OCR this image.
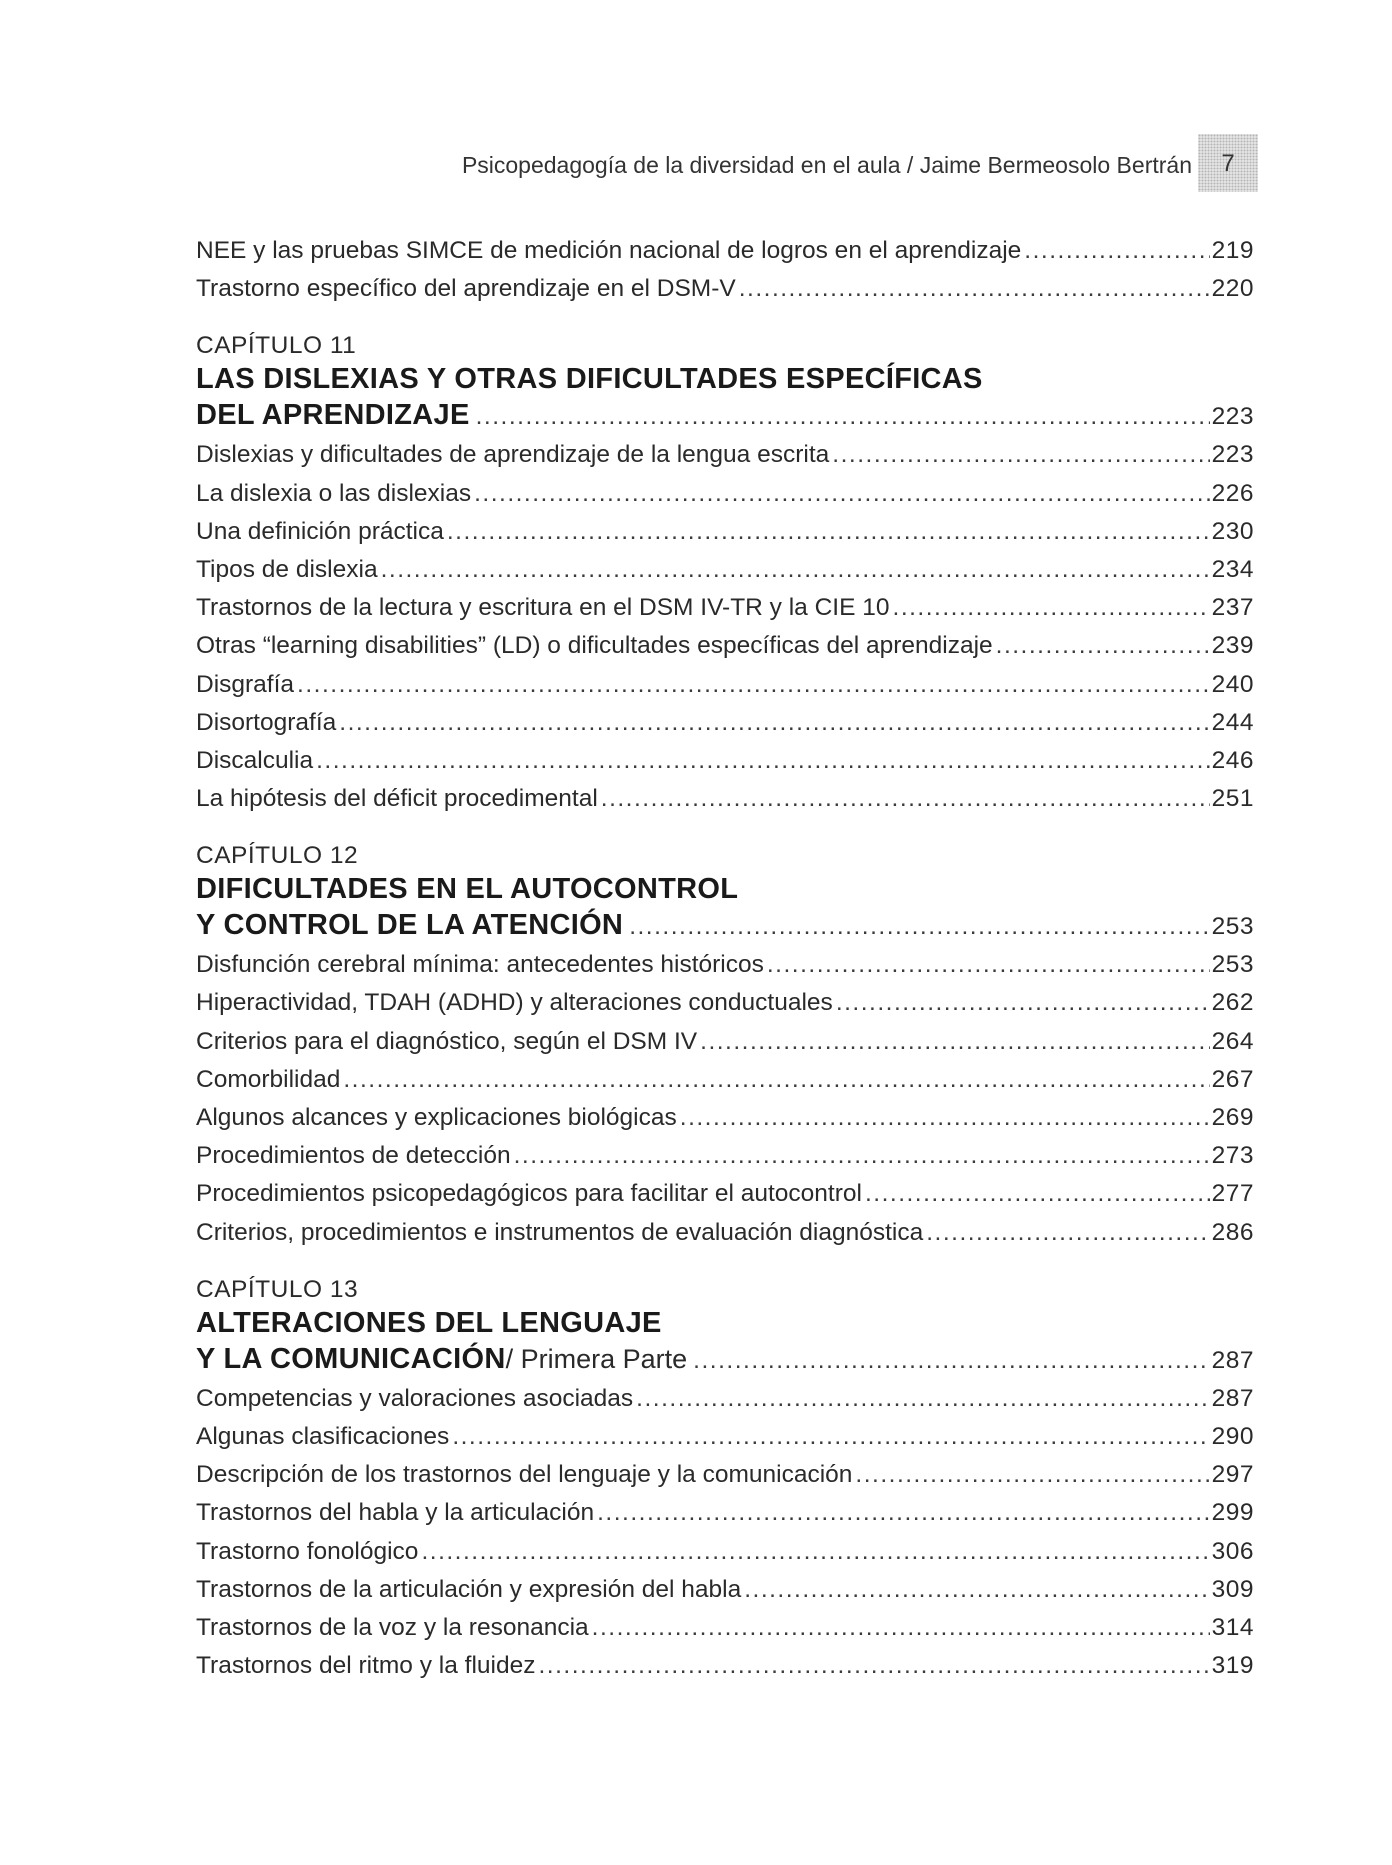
Psicopedagogía de la diversidad en el aula / Jaime Bermeosolo Bertrán	7
NEE y las pruebas SIMCE de medición nacional de logros en el aprendizaje .....	219
Trastorno específico del aprendizaje en el DSM-V .....	220
CAPÍTULO 11
LAS DISLEXIAS Y OTRAS DIFICULTADES ESPECÍFICAS
DEL APRENDIZAJE .....	223
Dislexias y dificultades de aprendizaje de la lengua escrita .....	223
La dislexia o las dislexias .....	226
Una definición práctica .....	230
Tipos de dislexia .....	234
Trastornos de la lectura y escritura en el DSM IV-TR y la CIE 10 .....	237
Otras “learning disabilities” (LD) o dificultades específicas del aprendizaje .....	239
Disgrafía .....	240
Disortografía .....	244
Discalculia .....	246
La hipótesis del déficit procedimental .....	251
CAPÍTULO 12
DIFICULTADES EN EL AUTOCONTROL
Y CONTROL DE LA ATENCIÓN .....	253
Disfunción cerebral mínima: antecedentes históricos .....	253
Hiperactividad, TDAH (ADHD) y alteraciones conductuales .....	262
Criterios para el diagnóstico, según el DSM IV .....	264
Comorbilidad .....	267
Algunos alcances y explicaciones biológicas .....	269
Procedimientos de detección .....	273
Procedimientos psicopedagógicos para facilitar el autocontrol .....	277
Criterios, procedimientos e instrumentos de evaluación diagnóstica .....	286
CAPÍTULO 13
ALTERACIONES DEL LENGUAJE
Y LA COMUNICACIÓN / Primera Parte .....	287
Competencias y valoraciones asociadas .....	287
Algunas clasificaciones .....	290
Descripción de los trastornos del lenguaje y la comunicación .....	297
Trastornos del habla y la articulación .....	299
Trastorno fonológico .....	306
Trastornos de la articulación y expresión del habla .....	309
Trastornos de la voz y la resonancia .....	314
Trastornos del ritmo y la fluidez .....	319
